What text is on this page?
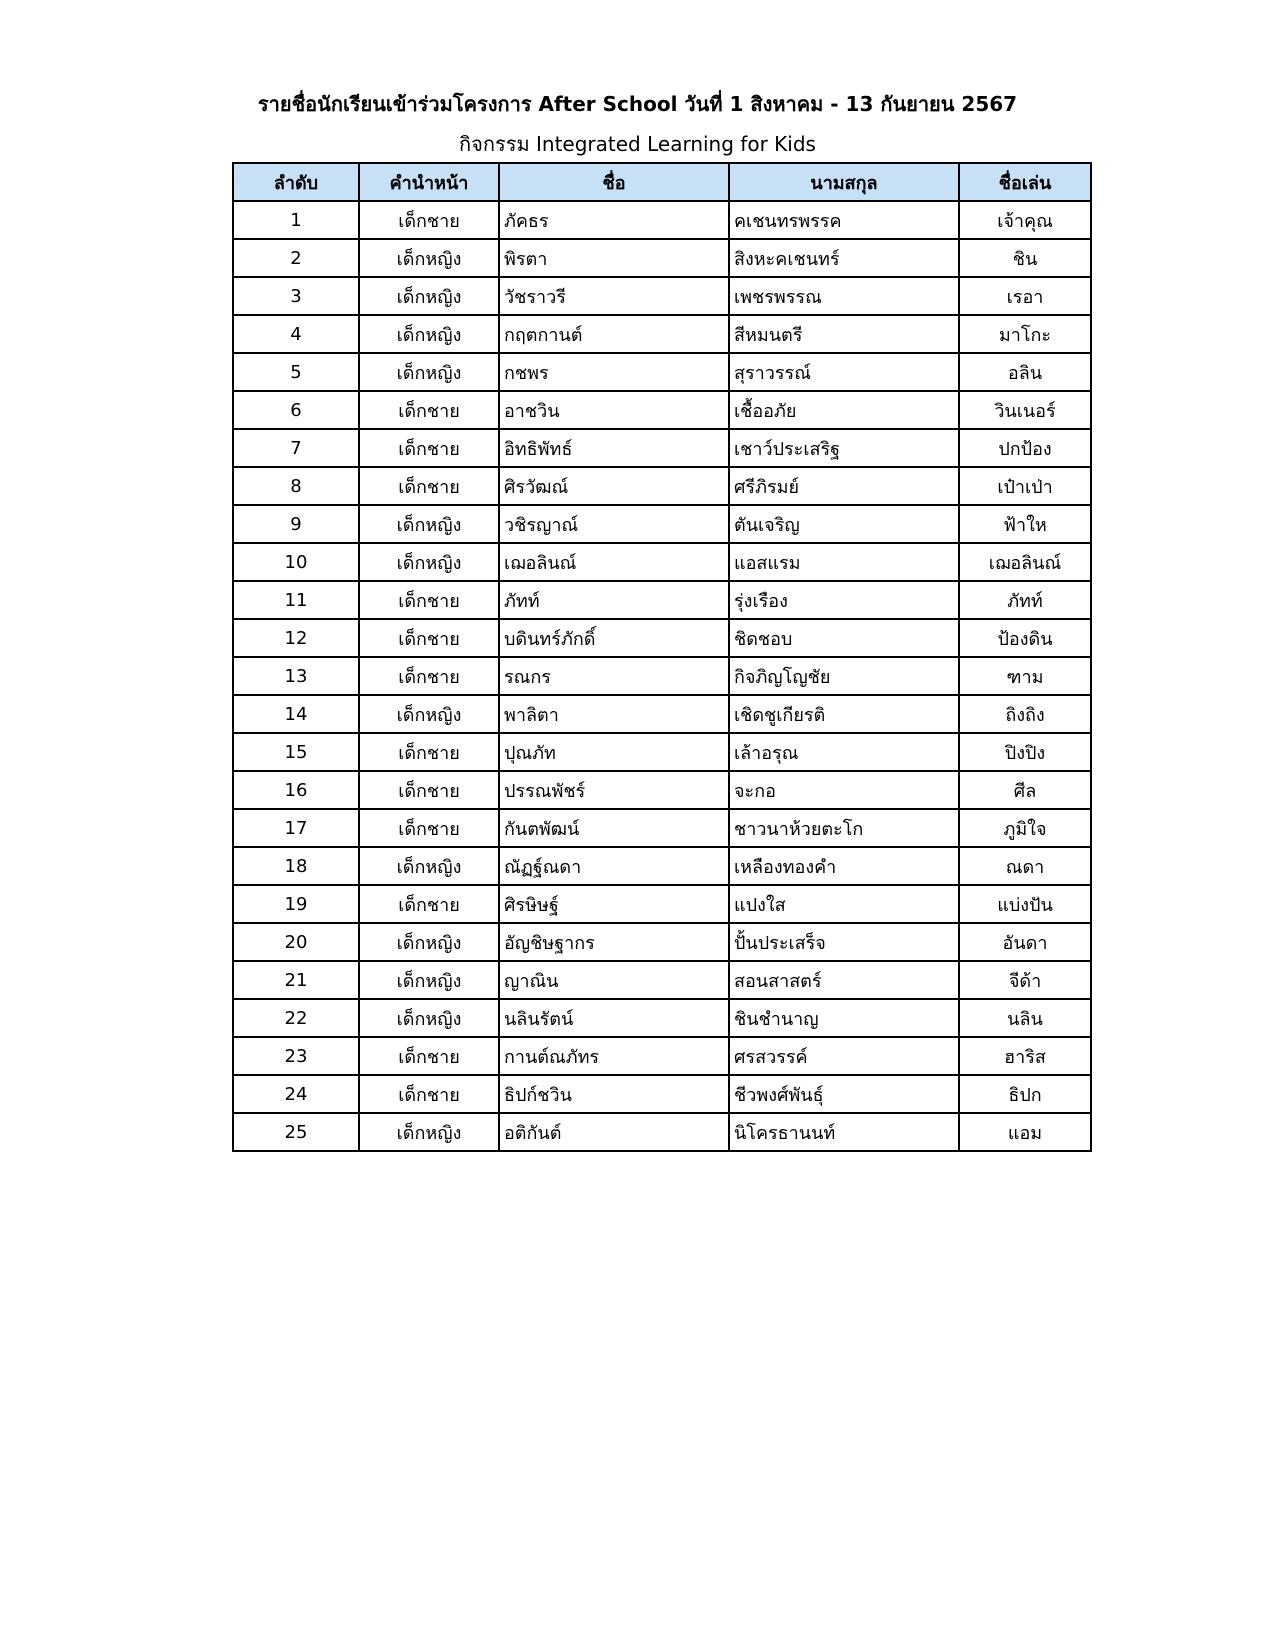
รายชื่อนักเรียนเข้าร่วมโครงการ After School วันที่ 1 สิงหาคม - 13 กันยายน 2567
กิจกรรม Integrated Learning for Kids
ลำดับ	คำนำหน้า	ชื่อ	นามสกุล	ชื่อเล่น
1	เด็กชาย	ภัคธร	คเชนทรพรรค	เจ้าคุณ
2	เด็กหญิง	พิรตา	สิงหะคเชนทร์	ชิน
3	เด็กหญิง	วัชราวรี	เพชรพรรณ	เรอา
4	เด็กหญิง	กฤตกานต์	สีหมนตรี	มาโกะ
5	เด็กหญิง	กชพร	สุราวรรณ์	อลิน
6	เด็กชาย	อาชวิน	เชื้ออภัย	วินเนอร์
7	เด็กชาย	อิทธิพัทธ์	เชาว์ประเสริฐ	ปกป้อง
8	เด็กชาย	ศิรวัฒณ์	ศรีภิรมย์	เป๋าเป่า
9	เด็กหญิง	วชิรญาณ์	ตันเจริญ	ฟ้าให
10	เด็กหญิง	เฌอลินณ์	แอสแรม	เฌอลินณ์
11	เด็กชาย	ภัทท์	รุ่งเรือง	ภัทท์
12	เด็กชาย	บดินทร์ภักดิ์	ชิดชอบ	ป้องดิน
13	เด็กชาย	รณกร	กิจภิญโญชัย	ฑาม
14	เด็กหญิง	พาลิตา	เชิดชูเกียรติ	ถิงถิง
15	เด็กชาย	ปุณภัท	เล้าอรุณ	ปิงปิง
16	เด็กชาย	ปรรณพัชร์	จะกอ	ศีล
17	เด็กชาย	กันตพัฒน์	ชาวนาห้วยตะโก	ภูมิใจ
18	เด็กหญิง	ณัฏฐ์ณดา	เหลืองทองคำ	ณดา
19	เด็กชาย	ศิรษิษฐ์	แปงใส	แบ่งปัน
20	เด็กหญิง	อัญชิษฐากร	ปั้นประเสร็จ	อันดา
21	เด็กหญิง	ญาณิน	สอนสาสตร์	จีด้า
22	เด็กหญิง	นลินรัตน์	ชินชำนาญ	นลิน
23	เด็กชาย	กานต์ณภัทร	ศรสวรรค์	ฮาริส
24	เด็กชาย	ธิปก์ชวิน	ชีวพงศ์พันธุ์	ธิปก
25	เด็กหญิง	อติกันต์	นิโครธานนท์	แอม
